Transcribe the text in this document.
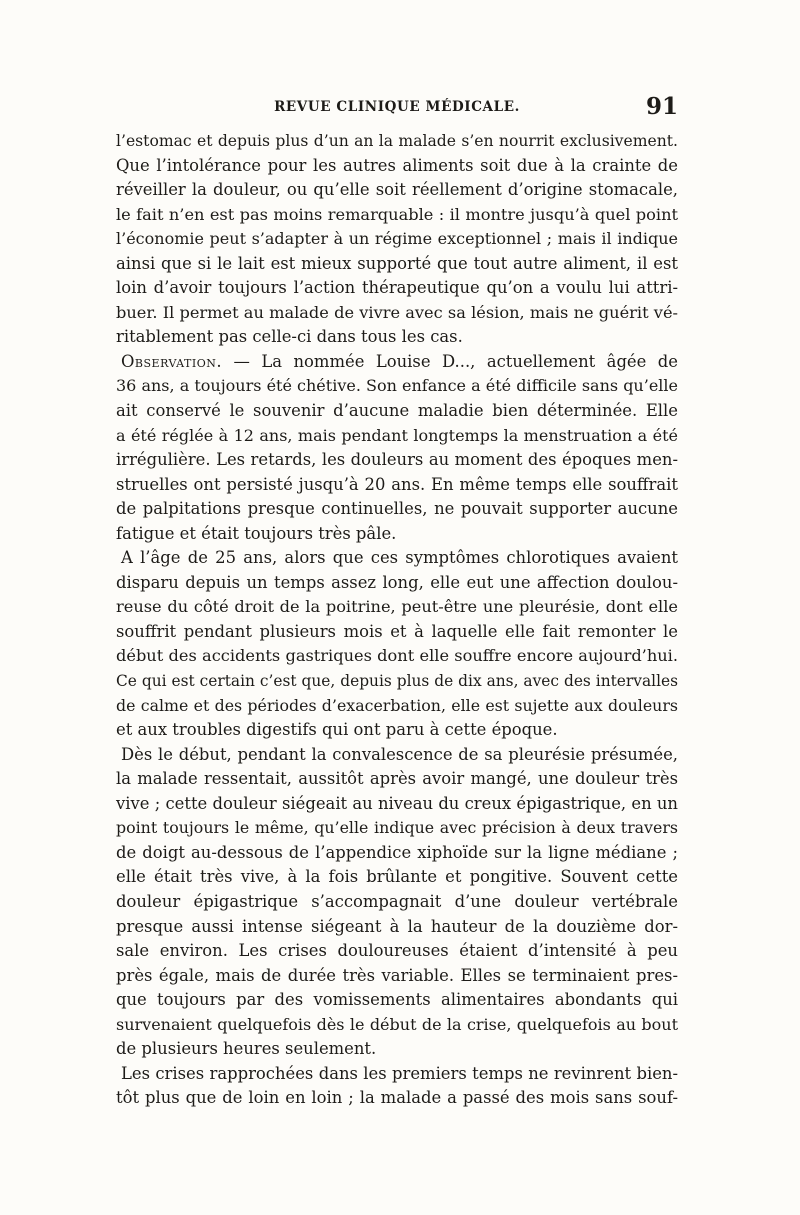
REVUE CLINIQUE MÉDICALE.	91
l’estomac et depuis plus d’un an la malade s’en nourrit exclusivement.
Que l’intolérance pour les autres aliments soit due à la crainte de
réveiller la douleur, ou qu’elle soit réellement d’origine stomacale,
le fait n’en est pas moins remarquable : il montre jusqu’à quel point
l’économie peut s’adapter à un régime exceptionnel ; mais il indique
ainsi que si le lait est mieux supporté que tout autre aliment, il est
loin d’avoir toujours l’action thérapeutique qu’on a voulu lui attri-
buer. Il permet au malade de vivre avec sa lésion, mais ne guérit vé-
ritablement pas celle-ci dans tous les cas.
Observation. — La nommée Louise D..., actuellement âgée de
36 ans, a toujours été chétive. Son enfance a été difficile sans qu’elle
ait conservé le souvenir d’aucune maladie bien déterminée. Elle
a été réglée à 12 ans, mais pendant longtemps la menstruation a été
irrégulière. Les retards, les douleurs au moment des époques men-
struelles ont persisté jusqu’à 20 ans. En même temps elle souffrait
de palpitations presque continuelles, ne pouvait supporter aucune
fatigue et était toujours très pâle.
A l’âge de 25 ans, alors que ces symptômes chlorotiques avaient
disparu depuis un temps assez long, elle eut une affection doulou-
reuse du côté droit de la poitrine, peut-être une pleurésie, dont elle
souffrit pendant plusieurs mois et à laquelle elle fait remonter le
début des accidents gastriques dont elle souffre encore aujourd’hui.
Ce qui est certain c’est que, depuis plus de dix ans, avec des intervalles
de calme et des périodes d’exacerbation, elle est sujette aux douleurs
et aux troubles digestifs qui ont paru à cette époque.
Dès le début, pendant la convalescence de sa pleurésie présumée,
la malade ressentait, aussitôt après avoir mangé, une douleur très
vive ; cette douleur siégeait au niveau du creux épigastrique, en un
point toujours le même, qu’elle indique avec précision à deux travers
de doigt au-dessous de l’appendice xiphoïde sur la ligne médiane ;
elle était très vive, à la fois brûlante et pongitive. Souvent cette
douleur épigastrique s’accompagnait d’une douleur vertébrale
presque aussi intense siégeant à la hauteur de la douzième dor-
sale environ. Les crises douloureuses étaient d’intensité à peu
près égale, mais de durée très variable. Elles se terminaient pres-
que toujours par des vomissements alimentaires abondants qui
survenaient quelquefois dès le début de la crise, quelquefois au bout
de plusieurs heures seulement.
Les crises rapprochées dans les premiers temps ne revinrent bien-
tôt plus que de loin en loin ; la malade a passé des mois sans souf-
